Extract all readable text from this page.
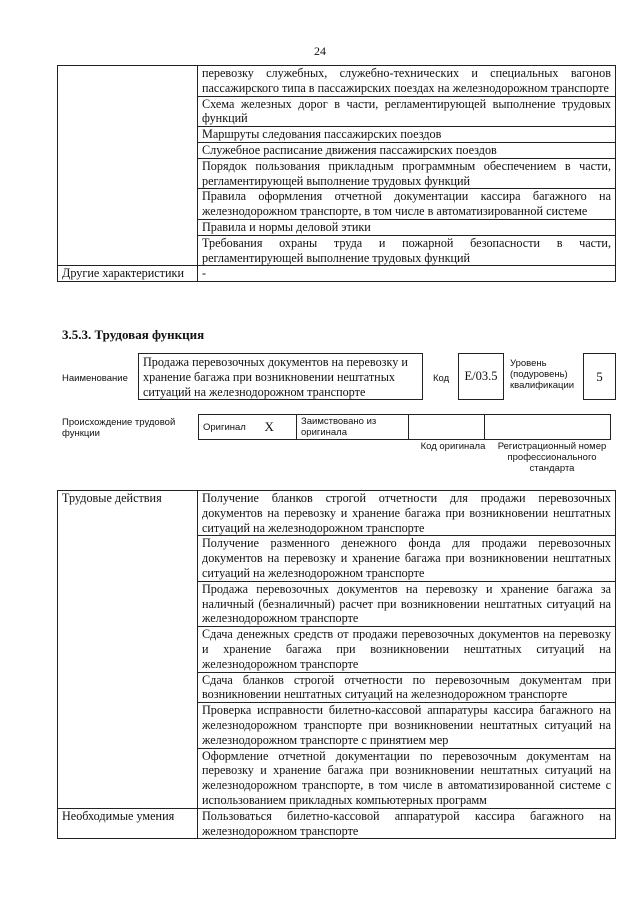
24
	перевозку служебных, служебно-технических и специальных вагонов пассажирского типа в пассажирских поездах на железнодорожном транспорте
	Схема железных дорог в части, регламентирующей выполнение трудовых функций
	Маршруты следования пассажирских поездов
	Служебное расписание движения пассажирских поездов
	Порядок пользования прикладным программным обеспечением в части, регламентирующей выполнение трудовых функций
	Правила оформления отчетной документации кассира багажного на железнодорожном транспорте, в том числе в автоматизированной системе
	Правила и нормы деловой этики
	Требования охраны труда и пожарной безопасности в части, регламентирующей выполнение трудовых функций
Другие характеристики	-
3.5.3. Трудовая функция
Наименование
Продажа перевозочных документов на перевозку и хранение багажа при возникновении нештатных ситуаций на железнодорожном транспорте
Код	E/03.5
Уровень (подуровень) квалификации
5
Происхождение трудовой функции
Оригинал	X	Заимствовано из оригинала		
Код оригинала	Регистрационный номер профессионального стандарта
Трудовые действия	Получение бланков строгой отчетности для продажи перевозочных документов на перевозку и хранение багажа при возникновении нештатных ситуаций на железнодорожном транспорте
	Получение разменного денежного фонда для продажи перевозочных документов на перевозку и хранение багажа при возникновении нештатных ситуаций на железнодорожном транспорте
	Продажа перевозочных документов на перевозку и хранение багажа за наличный (безналичный) расчет при возникновении нештатных ситуаций на железнодорожном транспорте
	Сдача денежных средств от продажи перевозочных документов на перевозку и хранение багажа при возникновении нештатных ситуаций на железнодорожном транспорте
	Сдача бланков строгой отчетности по перевозочным документам при возникновении нештатных ситуаций на железнодорожном транспорте
	Проверка исправности билетно-кассовой аппаратуры кассира багажного на железнодорожном транспорте при возникновении нештатных ситуаций на железнодорожном транспорте с принятием мер
	Оформление отчетной документации по перевозочным документам на перевозку и хранение багажа при возникновении нештатных ситуаций на железнодорожном транспорте, в том числе в автоматизированной системе с использованием прикладных компьютерных программ
Необходимые умения	Пользоваться билетно-кассовой аппаратурой кассира багажного на железнодорожном транспорте
